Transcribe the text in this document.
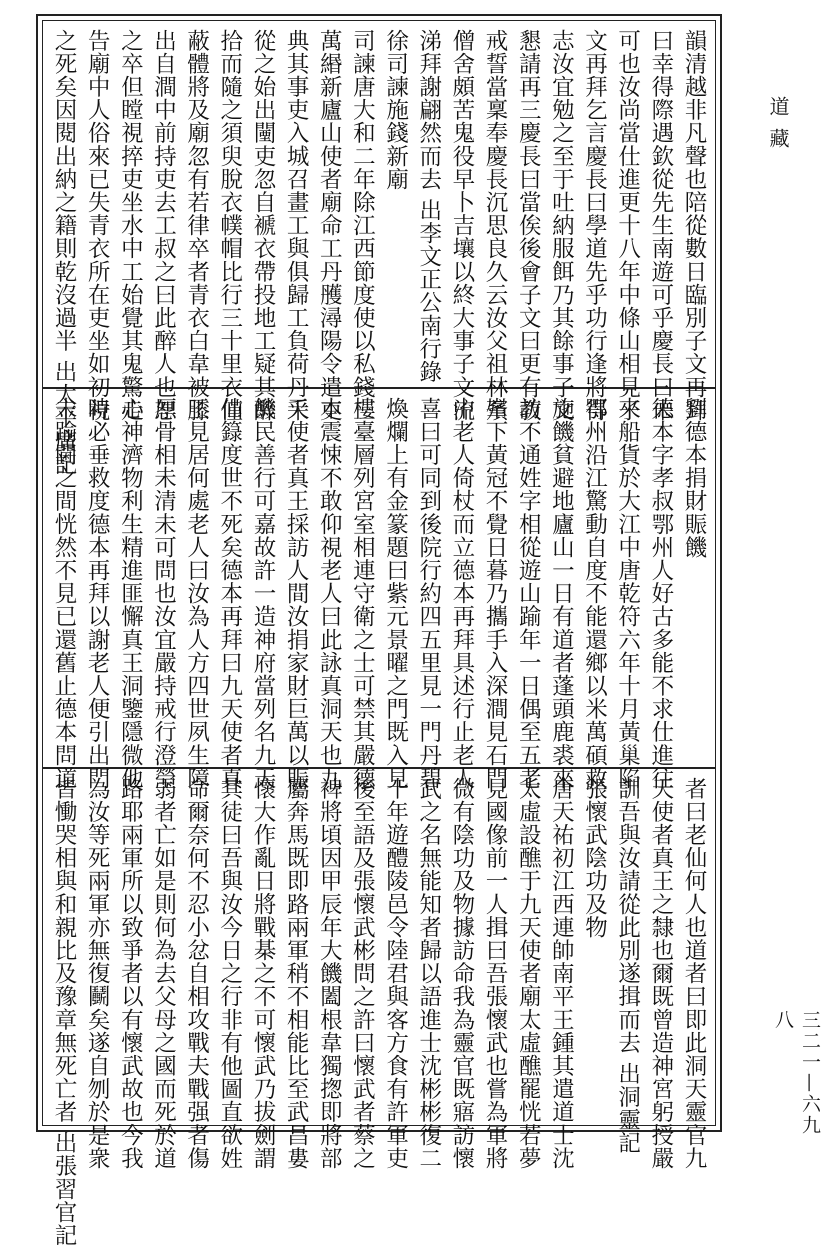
韻清越非凡聲也陪從數日臨別子文再拜
曰幸得際遇欽從先生南遊可乎慶長曰未
可也汝尚當仕進更十八年中條山相見子
文再拜乞言慶長曰學道先乎功行逢將得
志汝宜勉之至于吐納服餌乃其餘事子文
懇請再三慶長曰當俟後會子文曰更有教
戒誓當稟奉慶長沉思良久云汝父祖林殯
僧舍頗苦鬼役早卜吉壤以終大事子文流
涕拜謝翩然而去 出李文正公南行錄
徐司諫施錢新廟
司諫唐大和二年除江西節度使以私錢三
萬緡新廬山使者廟命工丹雘潯陽令遣吏
典其事吏入城召畫工與俱歸工負荷丹采
從之始出闉吏忽自褫衣帶投地工疑其醉
拾而隨之須臾脫衣幞帽比行三十里衣僅
蔽體將及廟忽有若律卒者青衣白韋被膝
出自澗中前持吏去工叔之曰此醉人也恕
之卒但瞠視捽吏坐水中工始覺其鬼驚走
告廟中人俗來已失青衣所在吏坐如初視
之死矣因閱出納之籍則乾沒過半 出太平廣記
劉德本捐財賑饑
德本字孝叔鄂州人好古多能不求仕進往
來船貨於大江中唐乾符六年十月黃巢陷
鄂州沿江驚動自度不能還鄉以米萬碩救
施饑貧避地廬山一日有道者蓬頭鹿裘來
訪不通姓字相從遊山踰年一日偶至五老
峯下黃冠不覺日暮乃攜手入深澗見石門
中老人倚杖而立德本再拜具述行止老人
喜曰可同到後院行約四五里見一門丹碧
煥爛上有金篆題曰紫元景曜之門既入見
樓臺層列宮室相連守衛之士可禁其嚴德
本震悚不敢仰視老人曰此詠真洞天也九
天使者真王採訪人間汝捐家財巨萬以賑
饑民善行可嘉故許一造神府當列名九天
仙籙度世不死矣德本再拜曰九天使者真
王見居何處老人曰汝為人方四世夙生障
厚骨相未清未可問也汝宜嚴持戒行澄瑩
心神濟物利生精進匪懈真王洞鑒隱微他
時必垂救度德本再拜以謝老人便引出門
未踰閫之間恍然不見已還舊止德本問道
者曰老仙何人也道者曰即此洞天靈官九
天使者真王之隸也爾既曾造神宮躬授嚴
訓吾與汝請從此別遂揖而去 出洞靈記
張懷武陰功及物
唐天祐初江西連帥南平王鍾其遣道士沈
太虛設醮于九天使者廟太虛醮罷恍若夢
見國像前一人揖曰吾張懷武也嘗為軍將
微有陰功及物據訪命我為靈官既寤訪懷
武之名無能知者歸以語進士沈彬彬復二
十年遊醴陵邑令陸君與客方食有許軍吏
後至語及張懷武彬問之許曰懷武者蔡之
裨將頃因甲辰年大饑闔根韋獨揔即將部
屬奔馬既即路兩軍稍不相能比至武昌婁
懷大作亂日將戰棊之不可懷武乃拔劍謂
其徒曰吾與汝今日之行非有他圖直欲姓
命爾奈何不忍小忿自相攻戰夫戰强者傷
弱者亡如是則何為去父母之國而死於道
路耶兩軍所以致爭者以有懷武故也今我
為汝等死兩軍亦無復鬭矣遂自刎於是衆
皆慟哭相與和親比及豫章無死亡者 出張習官記
道藏
三二一—六九八
